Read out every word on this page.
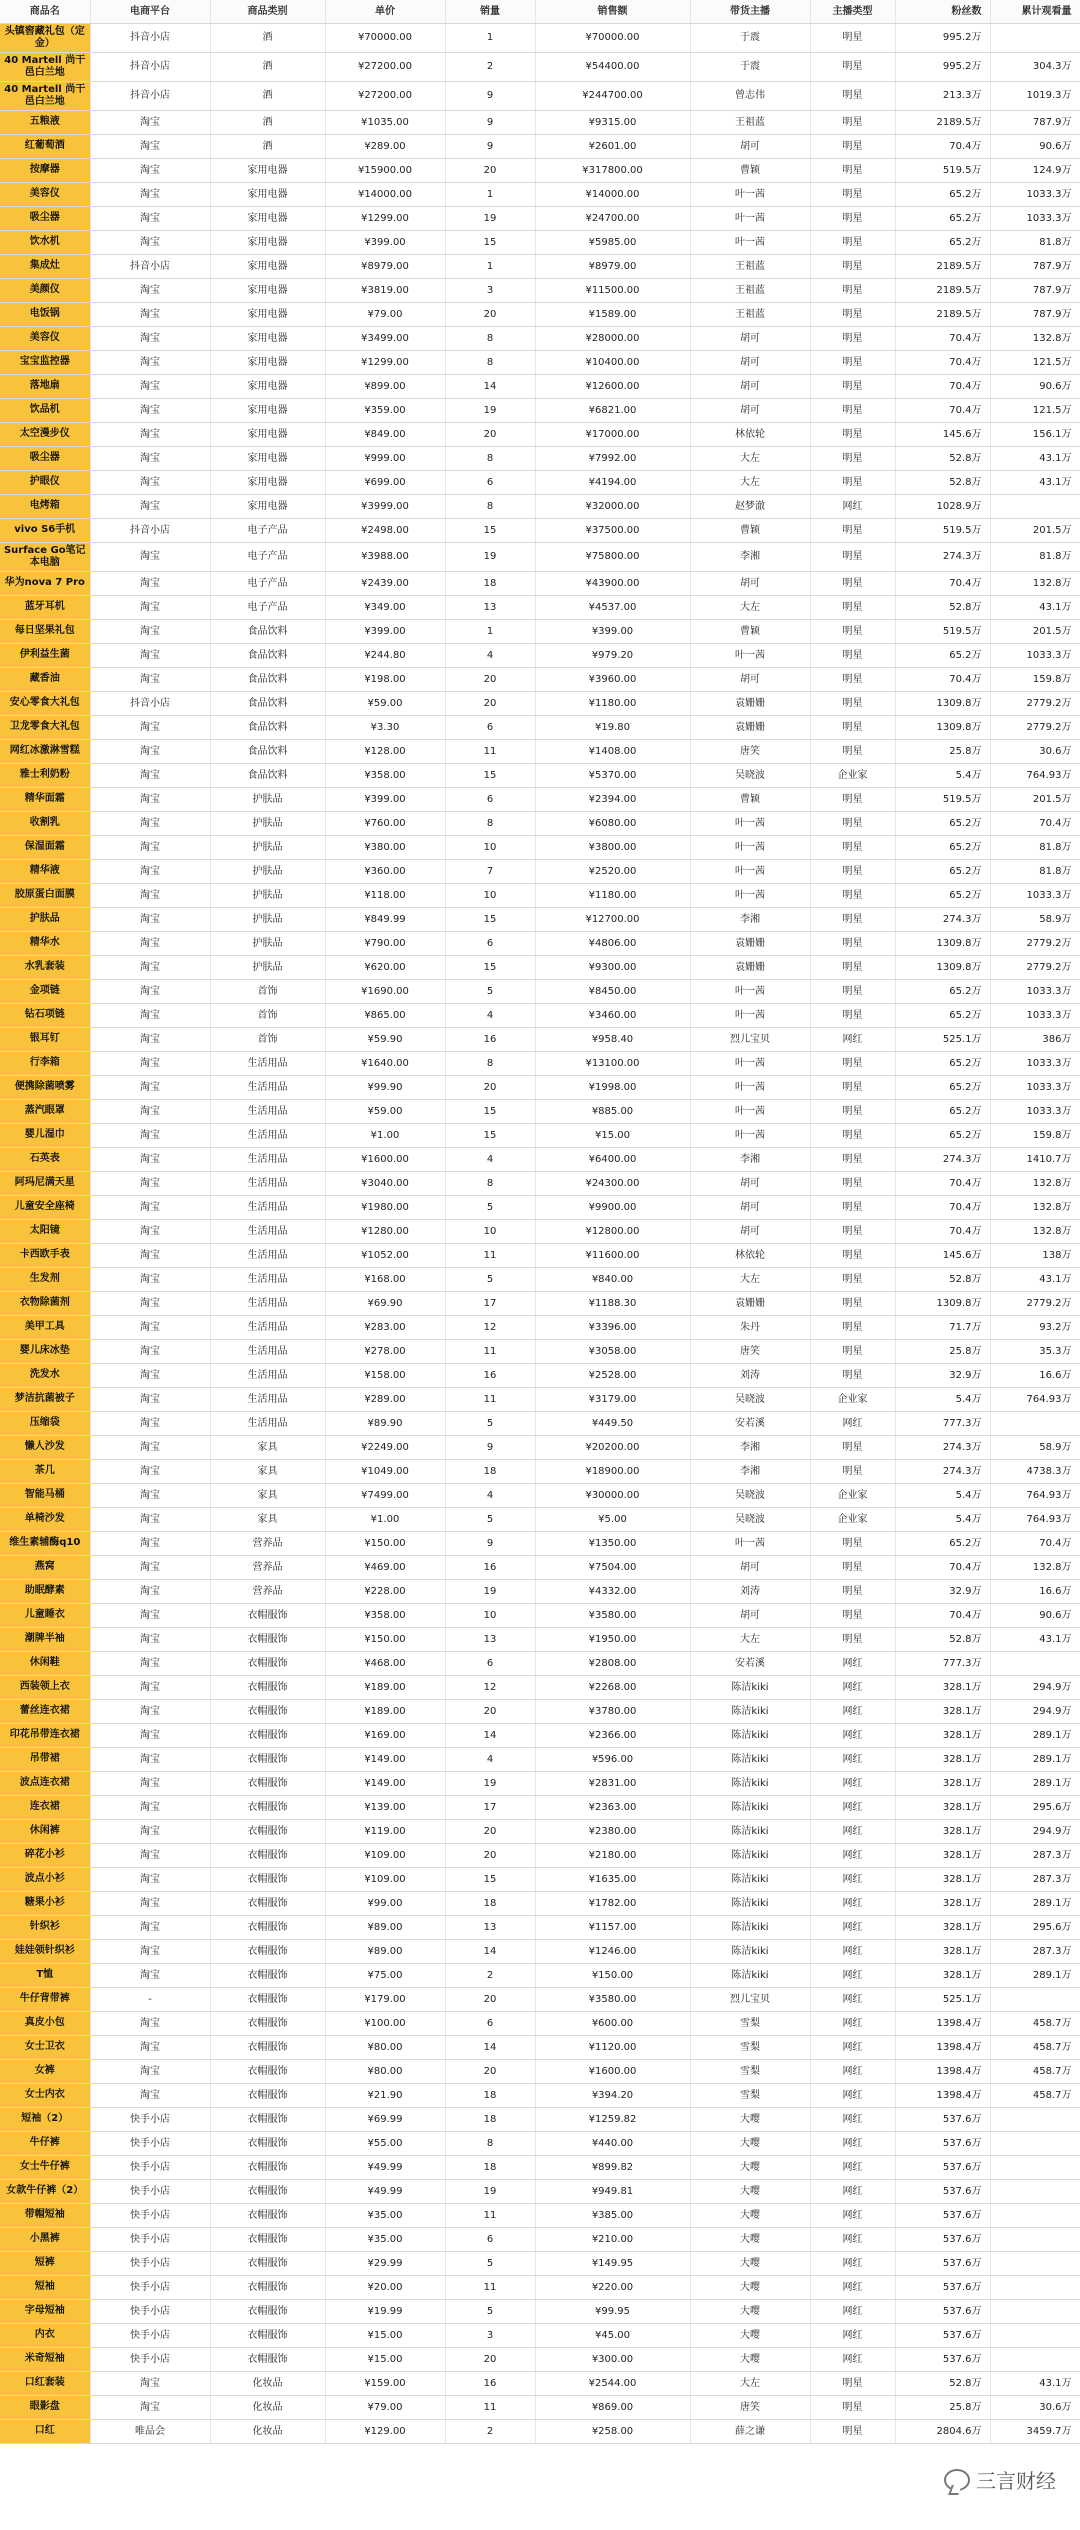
商品名	电商平台	商品类别	单价	销量	销售额	带货主播	主播类型	粉丝数	累计观看量
头镇窖藏礼包（定金）	抖音小店	酒	¥70000.00	1	¥70000.00	于震	明星	995.2万	
40 Martell 尚干邑白兰地	抖音小店	酒	¥27200.00	2	¥54400.00	于震	明星	995.2万	304.3万
40 Martell 尚干邑白兰地	抖音小店	酒	¥27200.00	9	¥244700.00	曾志伟	明星	213.3万	1019.3万
五粮液	淘宝	酒	¥1035.00	9	¥9315.00	王祖蓝	明星	2189.5万	787.9万
红葡萄酒	淘宝	酒	¥289.00	9	¥2601.00	胡可	明星	70.4万	90.6万
按摩器	淘宝	家用电器	¥15900.00	20	¥317800.00	曹颖	明星	519.5万	124.9万
美容仪	淘宝	家用电器	¥14000.00	1	¥14000.00	叶一茜	明星	65.2万	1033.3万
吸尘器	淘宝	家用电器	¥1299.00	19	¥24700.00	叶一茜	明星	65.2万	1033.3万
饮水机	淘宝	家用电器	¥399.00	15	¥5985.00	叶一茜	明星	65.2万	81.8万
集成灶	抖音小店	家用电器	¥8979.00	1	¥8979.00	王祖蓝	明星	2189.5万	787.9万
美颜仪	淘宝	家用电器	¥3819.00	3	¥11500.00	王祖蓝	明星	2189.5万	787.9万
电饭锅	淘宝	家用电器	¥79.00	20	¥1589.00	王祖蓝	明星	2189.5万	787.9万
美容仪	淘宝	家用电器	¥3499.00	8	¥28000.00	胡可	明星	70.4万	132.8万
宝宝监控器	淘宝	家用电器	¥1299.00	8	¥10400.00	胡可	明星	70.4万	121.5万
落地扇	淘宝	家用电器	¥899.00	14	¥12600.00	胡可	明星	70.4万	90.6万
饮品机	淘宝	家用电器	¥359.00	19	¥6821.00	胡可	明星	70.4万	121.5万
太空漫步仪	淘宝	家用电器	¥849.00	20	¥17000.00	林依轮	明星	145.6万	156.1万
吸尘器	淘宝	家用电器	¥999.00	8	¥7992.00	大左	明星	52.8万	43.1万
护眼仪	淘宝	家用电器	¥699.00	6	¥4194.00	大左	明星	52.8万	43.1万
电烤箱	淘宝	家用电器	¥3999.00	8	¥32000.00	赵梦澈	网红	1028.9万	
vivo S6手机	抖音小店	电子产品	¥2498.00	15	¥37500.00	曹颖	明星	519.5万	201.5万
Surface Go笔记本电脑	淘宝	电子产品	¥3988.00	19	¥75800.00	李湘	明星	274.3万	81.8万
华为nova 7 Pro	淘宝	电子产品	¥2439.00	18	¥43900.00	胡可	明星	70.4万	132.8万
蓝牙耳机	淘宝	电子产品	¥349.00	13	¥4537.00	大左	明星	52.8万	43.1万
每日坚果礼包	淘宝	食品饮料	¥399.00	1	¥399.00	曹颖	明星	519.5万	201.5万
伊利益生菌	淘宝	食品饮料	¥244.80	4	¥979.20	叶一茜	明星	65.2万	1033.3万
藏香油	淘宝	食品饮料	¥198.00	20	¥3960.00	胡可	明星	70.4万	159.8万
安心零食大礼包	抖音小店	食品饮料	¥59.00	20	¥1180.00	袁姗姗	明星	1309.8万	2779.2万
卫龙零食大礼包	淘宝	食品饮料	¥3.30	6	¥19.80	袁姗姗	明星	1309.8万	2779.2万
网红冰激淋雪糕	淘宝	食品饮料	¥128.00	11	¥1408.00	唐笑	明星	25.8万	30.6万
雅士利奶粉	淘宝	食品饮料	¥358.00	15	¥5370.00	吴晓波	企业家	5.4万	764.93万
精华面霜	淘宝	护肤品	¥399.00	6	¥2394.00	曹颖	明星	519.5万	201.5万
收割乳	淘宝	护肤品	¥760.00	8	¥6080.00	叶一茜	明星	65.2万	70.4万
保湿面霜	淘宝	护肤品	¥380.00	10	¥3800.00	叶一茜	明星	65.2万	81.8万
精华液	淘宝	护肤品	¥360.00	7	¥2520.00	叶一茜	明星	65.2万	81.8万
胶原蛋白面膜	淘宝	护肤品	¥118.00	10	¥1180.00	叶一茜	明星	65.2万	1033.3万
护肤品	淘宝	护肤品	¥849.99	15	¥12700.00	李湘	明星	274.3万	58.9万
精华水	淘宝	护肤品	¥790.00	6	¥4806.00	袁姗姗	明星	1309.8万	2779.2万
水乳套装	淘宝	护肤品	¥620.00	15	¥9300.00	袁姗姗	明星	1309.8万	2779.2万
金项链	淘宝	首饰	¥1690.00	5	¥8450.00	叶一茜	明星	65.2万	1033.3万
钻石项链	淘宝	首饰	¥865.00	4	¥3460.00	叶一茜	明星	65.2万	1033.3万
银耳钉	淘宝	首饰	¥59.90	16	¥958.40	烈儿宝贝	网红	525.1万	386万
行李箱	淘宝	生活用品	¥1640.00	8	¥13100.00	叶一茜	明星	65.2万	1033.3万
便携除菌喷雾	淘宝	生活用品	¥99.90	20	¥1998.00	叶一茜	明星	65.2万	1033.3万
蒸汽眼罩	淘宝	生活用品	¥59.00	15	¥885.00	叶一茜	明星	65.2万	1033.3万
婴儿湿巾	淘宝	生活用品	¥1.00	15	¥15.00	叶一茜	明星	65.2万	159.8万
石英表	淘宝	生活用品	¥1600.00	4	¥6400.00	李湘	明星	274.3万	1410.7万
阿玛尼满天星	淘宝	生活用品	¥3040.00	8	¥24300.00	胡可	明星	70.4万	132.8万
儿童安全座椅	淘宝	生活用品	¥1980.00	5	¥9900.00	胡可	明星	70.4万	132.8万
太阳镜	淘宝	生活用品	¥1280.00	10	¥12800.00	胡可	明星	70.4万	132.8万
卡西欧手表	淘宝	生活用品	¥1052.00	11	¥11600.00	林依轮	明星	145.6万	138万
生发剂	淘宝	生活用品	¥168.00	5	¥840.00	大左	明星	52.8万	43.1万
衣物除菌剂	淘宝	生活用品	¥69.90	17	¥1188.30	袁姗姗	明星	1309.8万	2779.2万
美甲工具	淘宝	生活用品	¥283.00	12	¥3396.00	朱丹	明星	71.7万	93.2万
婴儿床冰垫	淘宝	生活用品	¥278.00	11	¥3058.00	唐笑	明星	25.8万	35.3万
洗发水	淘宝	生活用品	¥158.00	16	¥2528.00	刘涛	明星	32.9万	16.6万
梦洁抗菌被子	淘宝	生活用品	¥289.00	11	¥3179.00	吴晓波	企业家	5.4万	764.93万
压缩袋	淘宝	生活用品	¥89.90	5	¥449.50	安若溪	网红	777.3万	
懒人沙发	淘宝	家具	¥2249.00	9	¥20200.00	李湘	明星	274.3万	58.9万
茶几	淘宝	家具	¥1049.00	18	¥18900.00	李湘	明星	274.3万	4738.3万
智能马桶	淘宝	家具	¥7499.00	4	¥30000.00	吴晓波	企业家	5.4万	764.93万
单椅沙发	淘宝	家具	¥1.00	5	¥5.00	吴晓波	企业家	5.4万	764.93万
维生素辅酶q10	淘宝	营养品	¥150.00	9	¥1350.00	叶一茜	明星	65.2万	70.4万
燕窝	淘宝	营养品	¥469.00	16	¥7504.00	胡可	明星	70.4万	132.8万
助眠酵素	淘宝	营养品	¥228.00	19	¥4332.00	刘涛	明星	32.9万	16.6万
儿童睡衣	淘宝	衣帽服饰	¥358.00	10	¥3580.00	胡可	明星	70.4万	90.6万
潮牌半袖	淘宝	衣帽服饰	¥150.00	13	¥1950.00	大左	明星	52.8万	43.1万
休闲鞋	淘宝	衣帽服饰	¥468.00	6	¥2808.00	安若溪	网红	777.3万	
西装领上衣	淘宝	衣帽服饰	¥189.00	12	¥2268.00	陈洁kiki	网红	328.1万	294.9万
蕾丝连衣裙	淘宝	衣帽服饰	¥189.00	20	¥3780.00	陈洁kiki	网红	328.1万	294.9万
印花吊带连衣裙	淘宝	衣帽服饰	¥169.00	14	¥2366.00	陈洁kiki	网红	328.1万	289.1万
吊带裙	淘宝	衣帽服饰	¥149.00	4	¥596.00	陈洁kiki	网红	328.1万	289.1万
波点连衣裙	淘宝	衣帽服饰	¥149.00	19	¥2831.00	陈洁kiki	网红	328.1万	289.1万
连衣裙	淘宝	衣帽服饰	¥139.00	17	¥2363.00	陈洁kiki	网红	328.1万	295.6万
休闲裤	淘宝	衣帽服饰	¥119.00	20	¥2380.00	陈洁kiki	网红	328.1万	294.9万
碎花小衫	淘宝	衣帽服饰	¥109.00	20	¥2180.00	陈洁kiki	网红	328.1万	287.3万
波点小衫	淘宝	衣帽服饰	¥109.00	15	¥1635.00	陈洁kiki	网红	328.1万	287.3万
糖果小衫	淘宝	衣帽服饰	¥99.00	18	¥1782.00	陈洁kiki	网红	328.1万	289.1万
针织衫	淘宝	衣帽服饰	¥89.00	13	¥1157.00	陈洁kiki	网红	328.1万	295.6万
娃娃领针织衫	淘宝	衣帽服饰	¥89.00	14	¥1246.00	陈洁kiki	网红	328.1万	287.3万
T恤	淘宝	衣帽服饰	¥75.00	2	¥150.00	陈洁kiki	网红	328.1万	289.1万
牛仔背带裤	-	衣帽服饰	¥179.00	20	¥3580.00	烈儿宝贝	网红	525.1万	
真皮小包	淘宝	衣帽服饰	¥100.00	6	¥600.00	雪梨	网红	1398.4万	458.7万
女士卫衣	淘宝	衣帽服饰	¥80.00	14	¥1120.00	雪梨	网红	1398.4万	458.7万
女裤	淘宝	衣帽服饰	¥80.00	20	¥1600.00	雪梨	网红	1398.4万	458.7万
女士内衣	淘宝	衣帽服饰	¥21.90	18	¥394.20	雪梨	网红	1398.4万	458.7万
短袖（2）	快手小店	衣帽服饰	¥69.99	18	¥1259.82	大嘤	网红	537.6万	
牛仔裤	快手小店	衣帽服饰	¥55.00	8	¥440.00	大嘤	网红	537.6万	
女士牛仔裤	快手小店	衣帽服饰	¥49.99	18	¥899.82	大嘤	网红	537.6万	
女款牛仔裤（2）	快手小店	衣帽服饰	¥49.99	19	¥949.81	大嘤	网红	537.6万	
带帽短袖	快手小店	衣帽服饰	¥35.00	11	¥385.00	大嘤	网红	537.6万	
小黑裤	快手小店	衣帽服饰	¥35.00	6	¥210.00	大嘤	网红	537.6万	
短裤	快手小店	衣帽服饰	¥29.99	5	¥149.95	大嘤	网红	537.6万	
短袖	快手小店	衣帽服饰	¥20.00	11	¥220.00	大嘤	网红	537.6万	
字母短袖	快手小店	衣帽服饰	¥19.99	5	¥99.95	大嘤	网红	537.6万	
内衣	快手小店	衣帽服饰	¥15.00	3	¥45.00	大嘤	网红	537.6万	
米奇短袖	快手小店	衣帽服饰	¥15.00	20	¥300.00	大嘤	网红	537.6万	
口红套装	淘宝	化妆品	¥159.00	16	¥2544.00	大左	明星	52.8万	43.1万
眼影盘	淘宝	化妆品	¥79.00	11	¥869.00	唐笑	明星	25.8万	30.6万
口红	唯品会	化妆品	¥129.00	2	¥258.00	薛之谦	明星	2804.6万	3459.7万
三言财经
